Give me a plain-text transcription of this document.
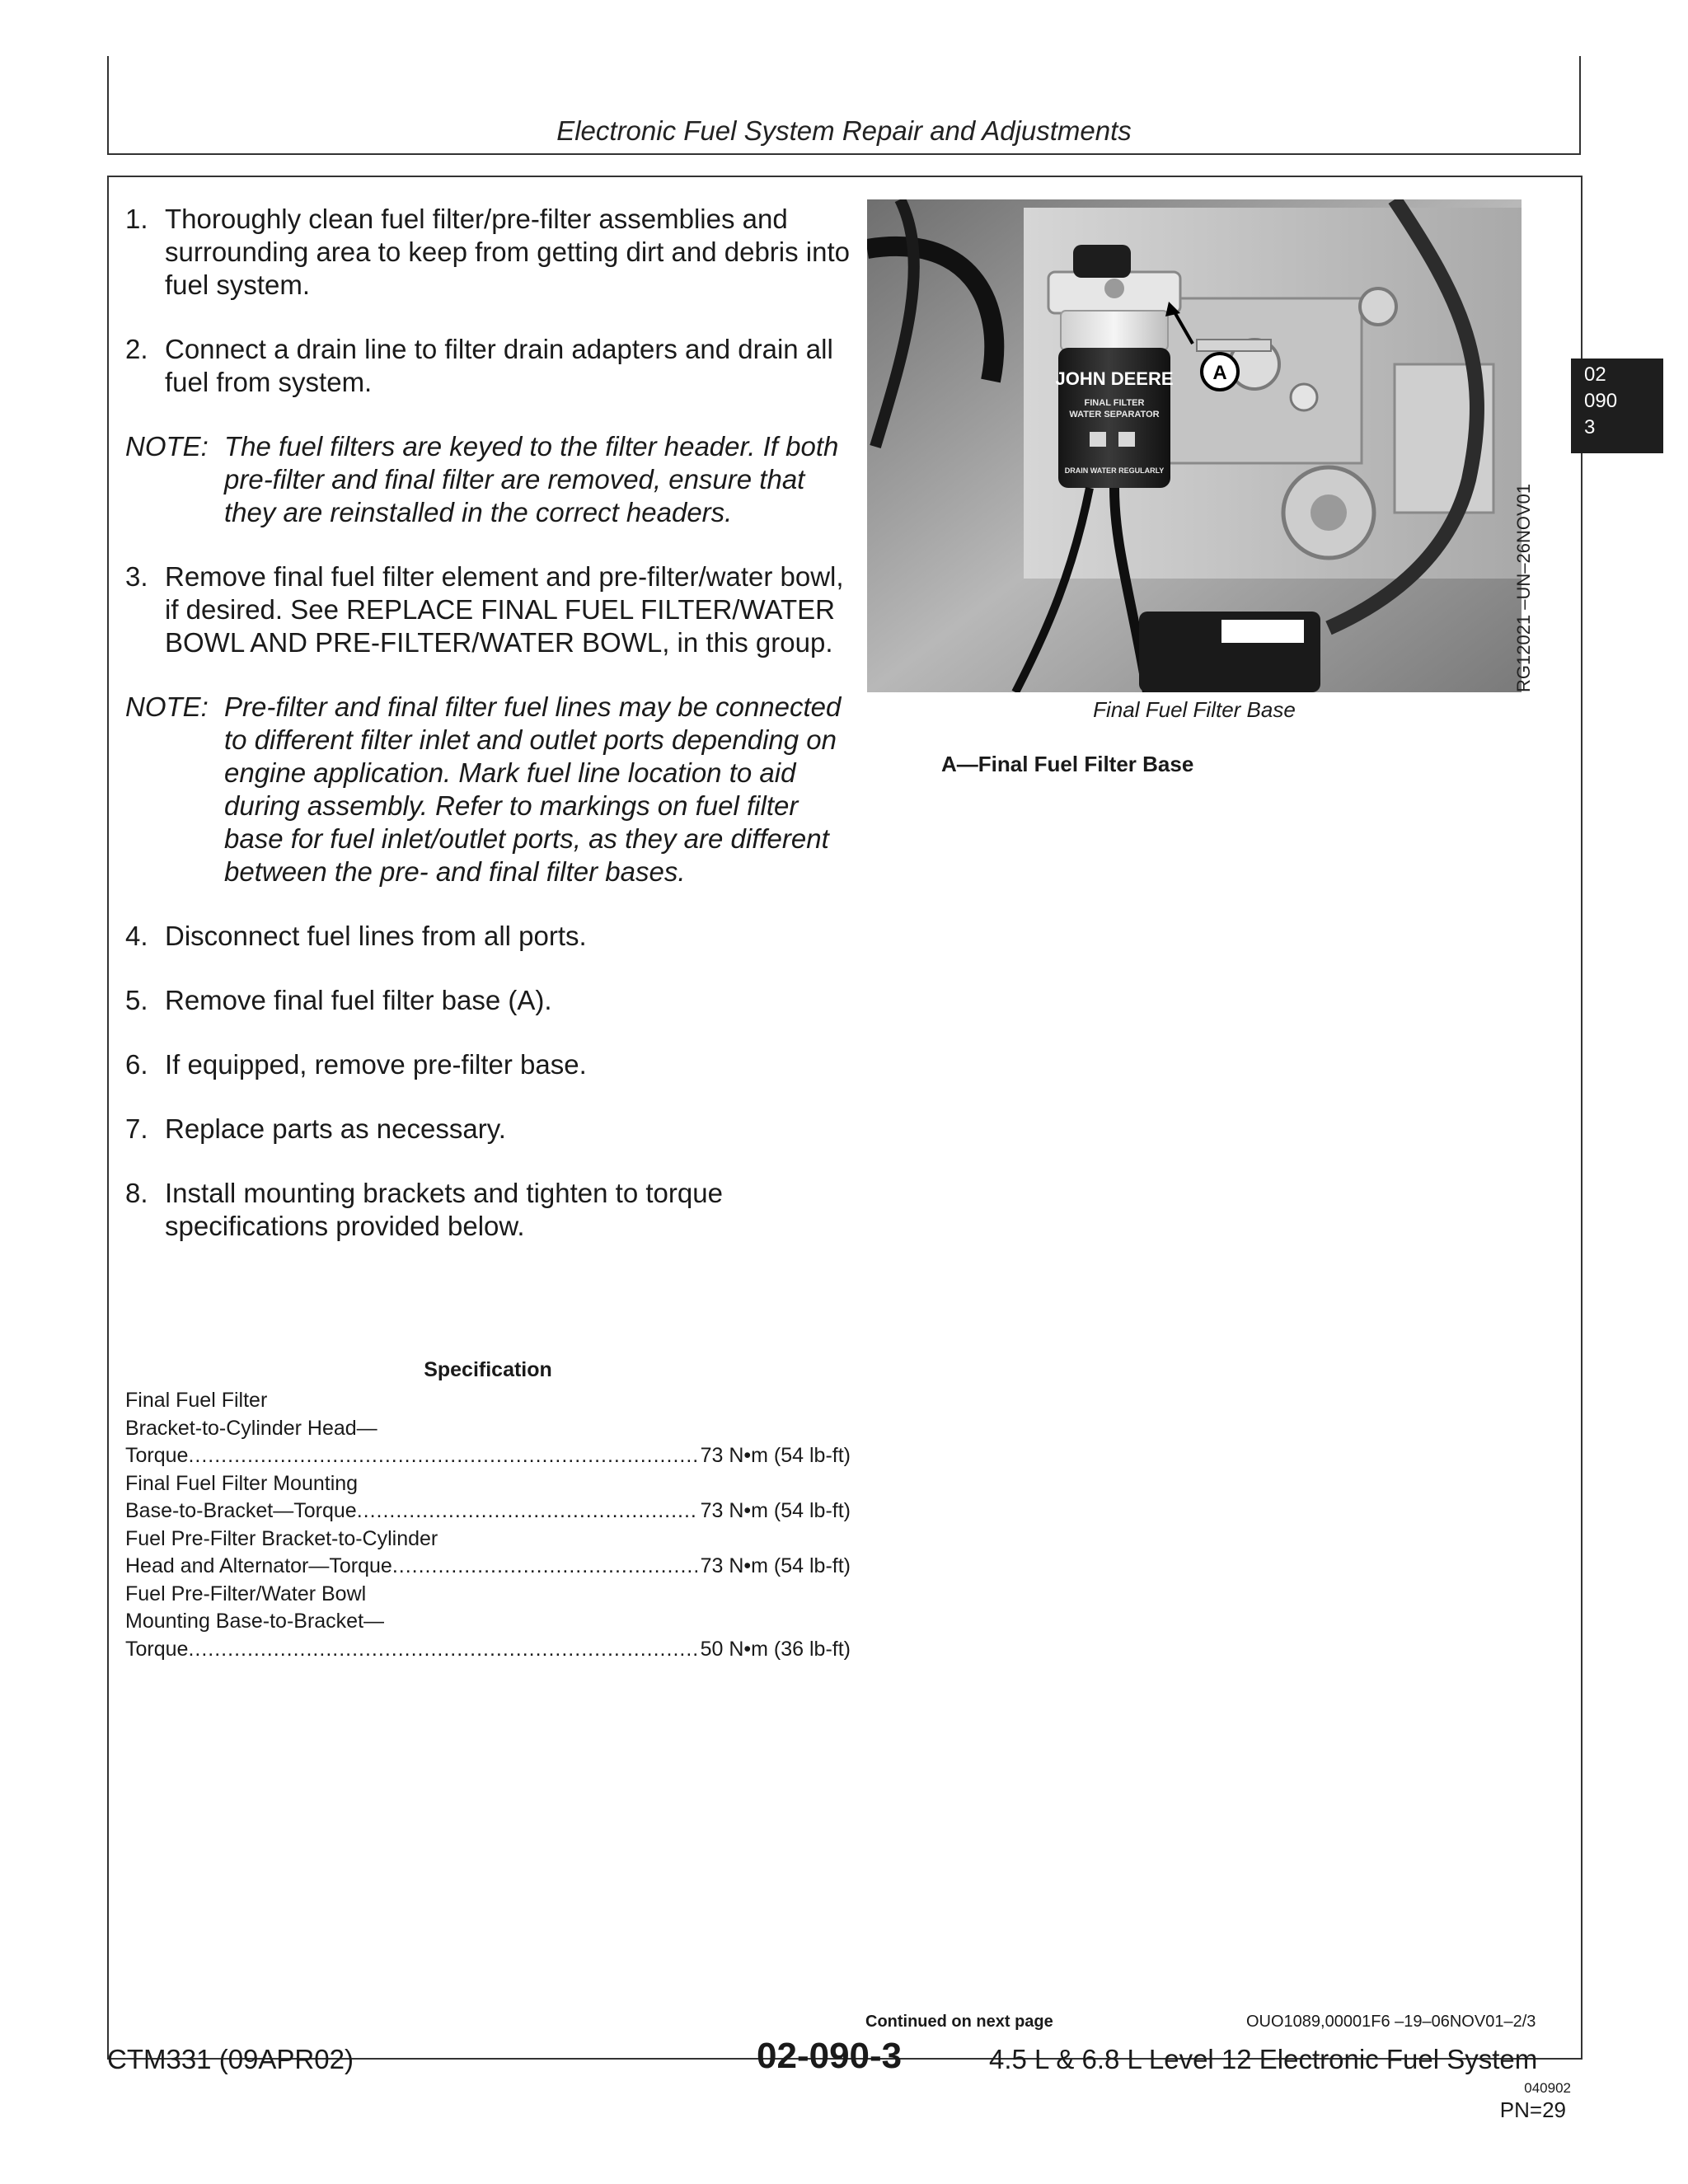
Electronic Fuel System Repair and Adjustments
02
090
3
1. Thoroughly clean fuel filter/pre-filter assemblies and surrounding area to keep from getting dirt and debris into fuel system.
2. Connect a drain line to filter drain adapters and drain all fuel from system.
NOTE: The fuel filters are keyed to the filter header. If both pre-filter and final filter are removed, ensure that they are reinstalled in the correct headers.
3. Remove final fuel filter element and pre-filter/water bowl, if desired. See REPLACE FINAL FUEL FILTER/WATER BOWL AND PRE-FILTER/WATER BOWL, in this group.
NOTE: Pre-filter and final filter fuel lines may be connected to different filter inlet and outlet ports depending on engine application. Mark fuel line location to aid during assembly. Refer to markings on fuel filter base for fuel inlet/outlet ports, as they are different between the pre- and final filter bases.
4. Disconnect fuel lines from all ports.
5. Remove final fuel filter base (A).
6. If equipped, remove pre-filter base.
7. Replace parts as necessary.
8. Install mounting brackets and tighten to torque specifications provided below.
Specification
Final Fuel Filter
Bracket-to-Cylinder Head—
Torque .....	73 N•m (54 lb-ft)
Final Fuel Filter Mounting
Base-to-Bracket—Torque .....	73 N•m (54 lb-ft)
Fuel Pre-Filter Bracket-to-Cylinder
Head and Alternator—Torque .....	73 N•m (54 lb-ft)
Fuel Pre-Filter/Water Bowl
Mounting Base-to-Bracket—
Torque .....	50 N•m (36 lb-ft)
JOHN DEERE
FINAL FILTER
WATER SEPARATOR
DRAIN WATER REGULARLY
A
RG12021 –UN–26NOV01
Final Fuel Filter Base
A—Final Fuel Filter Base
Continued on next page	OUO1089,00001F6 –19–06NOV01–2/3
CTM331 (09APR02)	02-090-3	4.5 L & 6.8 L Level 12 Electronic Fuel System
040902
PN=29
